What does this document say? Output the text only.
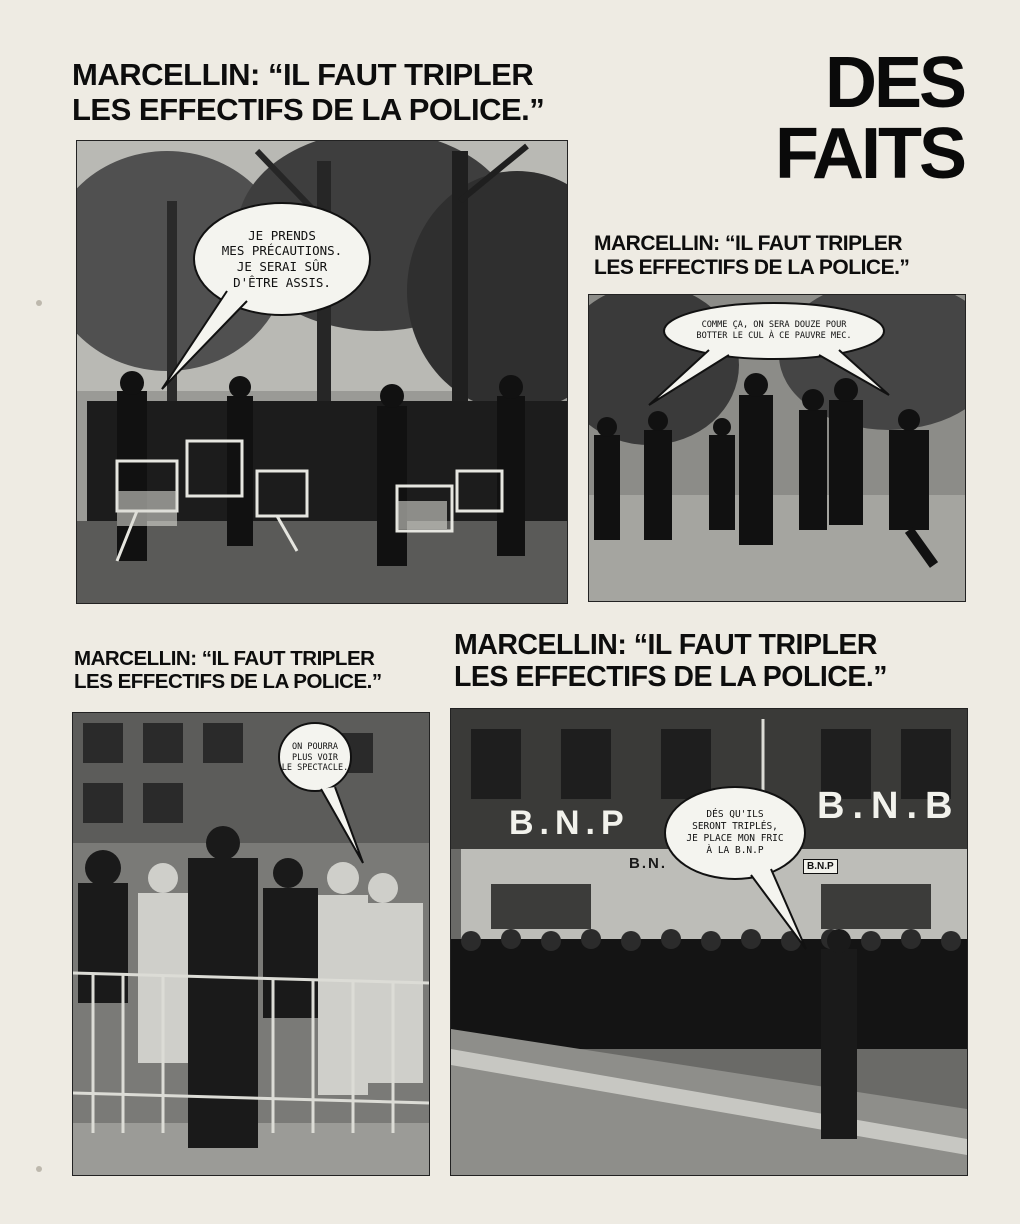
MARCELLIN: “IL FAUT TRIPLER
LES EFFECTIFS DE LA POLICE.”	DES
FAITS
JE PRENDS
MES PRÉCAUTIONS.
JE SERAI SÛR
D'ÊTRE ASSIS.
MARCELLIN: “IL FAUT TRIPLER
LES EFFECTIFS DE LA POLICE.”
COMME ÇA, ON SERA DOUZE POUR
BOTTER LE CUL À CE PAUVRE MEC.
MARCELLIN: “IL FAUT TRIPLER
LES EFFECTIFS DE LA POLICE.”
MARCELLIN: “IL FAUT TRIPLER
LES EFFECTIFS DE LA POLICE.”
ON POURRA
PLUS VOIR
LE SPECTACLE.
B.N.P	B.N.B
B.N.	B.N.P
DÉS QU'ILS
SERONT TRIPLÉS,
JE PLACE MON FRIC
À LA B.N.P
